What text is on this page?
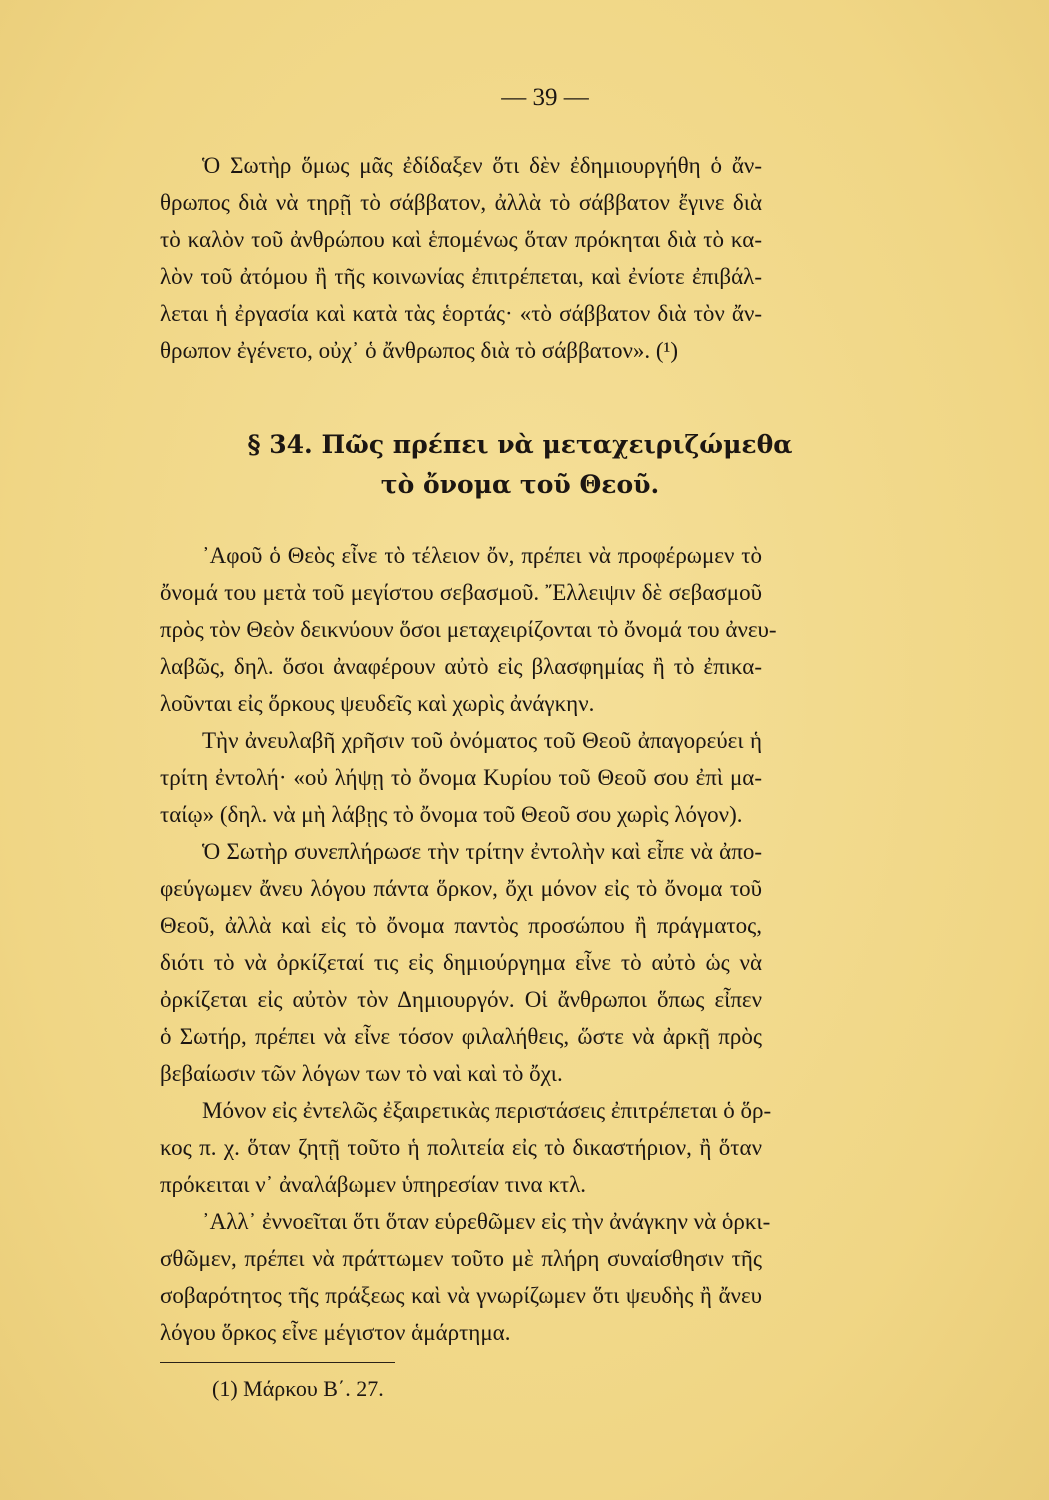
— 39 —
Ὁ Σωτὴρ ὅμως μᾶς ἐδίδαξεν ὅτι δὲν ἐδημιουργήθη ὁ ἄν-
θρωπος διὰ νὰ τηρῇ τὸ σάββατον, ἀλλὰ τὸ σάββατον ἔγινε διὰ
τὸ καλὸν τοῦ ἀνθρώπου καὶ ἑπομένως ὅταν πρόκηται διὰ τὸ κα-
λὸν τοῦ ἀτόμου ἢ τῆς κοινωνίας ἐπιτρέπεται, καὶ ἐνίοτε ἐπιβάλ-
λεται ἡ ἐργασία καὶ κατὰ τὰς ἑορτάς· «τὸ σάββατον διὰ τὸν ἄν-
θρωπον ἐγένετο, οὐχ᾿ ὁ ἄνθρωπος διὰ τὸ σάββατον». (¹)
§ 34. Πῶς πρέπει νὰ μεταχειριζώμεθα
τὸ ὄνομα τοῦ Θεοῦ.
᾿Αφοῦ ὁ Θεὸς εἶνε τὸ τέλειον ὄν, πρέπει νὰ προφέρωμεν τὸ
ὄνομά του μετὰ τοῦ μεγίστου σεβασμοῦ. Ἔλλειψιν δὲ σεβασμοῦ
πρὸς τὸν Θεὸν δεικνύουν ὅσοι μεταχειρίζονται τὸ ὄνομά του ἀνευ-
λαβῶς, δηλ. ὅσοι ἀναφέρουν αὐτὸ εἰς βλασφημίας ἢ τὸ ἐπικα-
λοῦνται εἰς ὅρκους ψευδεῖς καὶ χωρὶς ἀνάγκην.
Τὴν ἀνευλαβῆ χρῆσιν τοῦ ὀνόματος τοῦ Θεοῦ ἀπαγορεύει ἡ
τρίτη ἐντολή· «οὐ λήψῃ τὸ ὄνομα Κυρίου τοῦ Θεοῦ σου ἐπὶ μα-
ταίῳ» (δηλ. νὰ μὴ λάβῃς τὸ ὄνομα τοῦ Θεοῦ σου χωρὶς λόγον).
Ὁ Σωτὴρ συνεπλήρωσε τὴν τρίτην ἐντολὴν καὶ εἶπε νὰ ἀπο-
φεύγωμεν ἄνευ λόγου πάντα ὅρκον, ὄχι μόνον εἰς τὸ ὄνομα τοῦ
Θεοῦ, ἀλλὰ καὶ εἰς τὸ ὄνομα παντὸς προσώπου ἢ πράγματος,
διότι τὸ νὰ ὀρκίζεταί τις εἰς δημιούργημα εἶνε τὸ αὐτὸ ὡς νὰ
ὀρκίζεται εἰς αὐτὸν τὸν Δημιουργόν. Οἱ ἄνθρωποι ὅπως εἶπεν
ὁ Σωτήρ, πρέπει νὰ εἶνε τόσον φιλαλήθεις, ὥστε νὰ ἀρκῇ πρὸς
βεβαίωσιν τῶν λόγων των τὸ ναὶ καὶ τὸ ὄχι.
Μόνον εἰς ἐντελῶς ἐξαιρετικὰς περιστάσεις ἐπιτρέπεται ὁ ὅρ-
κος π. χ. ὅταν ζητῇ τοῦτο ἡ πολιτεία εἰς τὸ δικαστήριον, ἢ ὅταν
πρόκειται ν᾿ ἀναλάβωμεν ὑπηρεσίαν τινα κτλ.
᾿Αλλ᾿ ἐννοεῖται ὅτι ὅταν εὑρεθῶμεν εἰς τὴν ἀνάγκην νὰ ὁρκι-
σθῶμεν, πρέπει νὰ πράττωμεν τοῦτο μὲ πλήρη συναίσθησιν τῆς
σοβαρότητος τῆς πράξεως καὶ νὰ γνωρίζωμεν ὅτι ψευδὴς ἢ ἄνευ
λόγου ὅρκος εἶνε μέγιστον ἁμάρτημα.
(1) Μάρκου Β΄. 27.
